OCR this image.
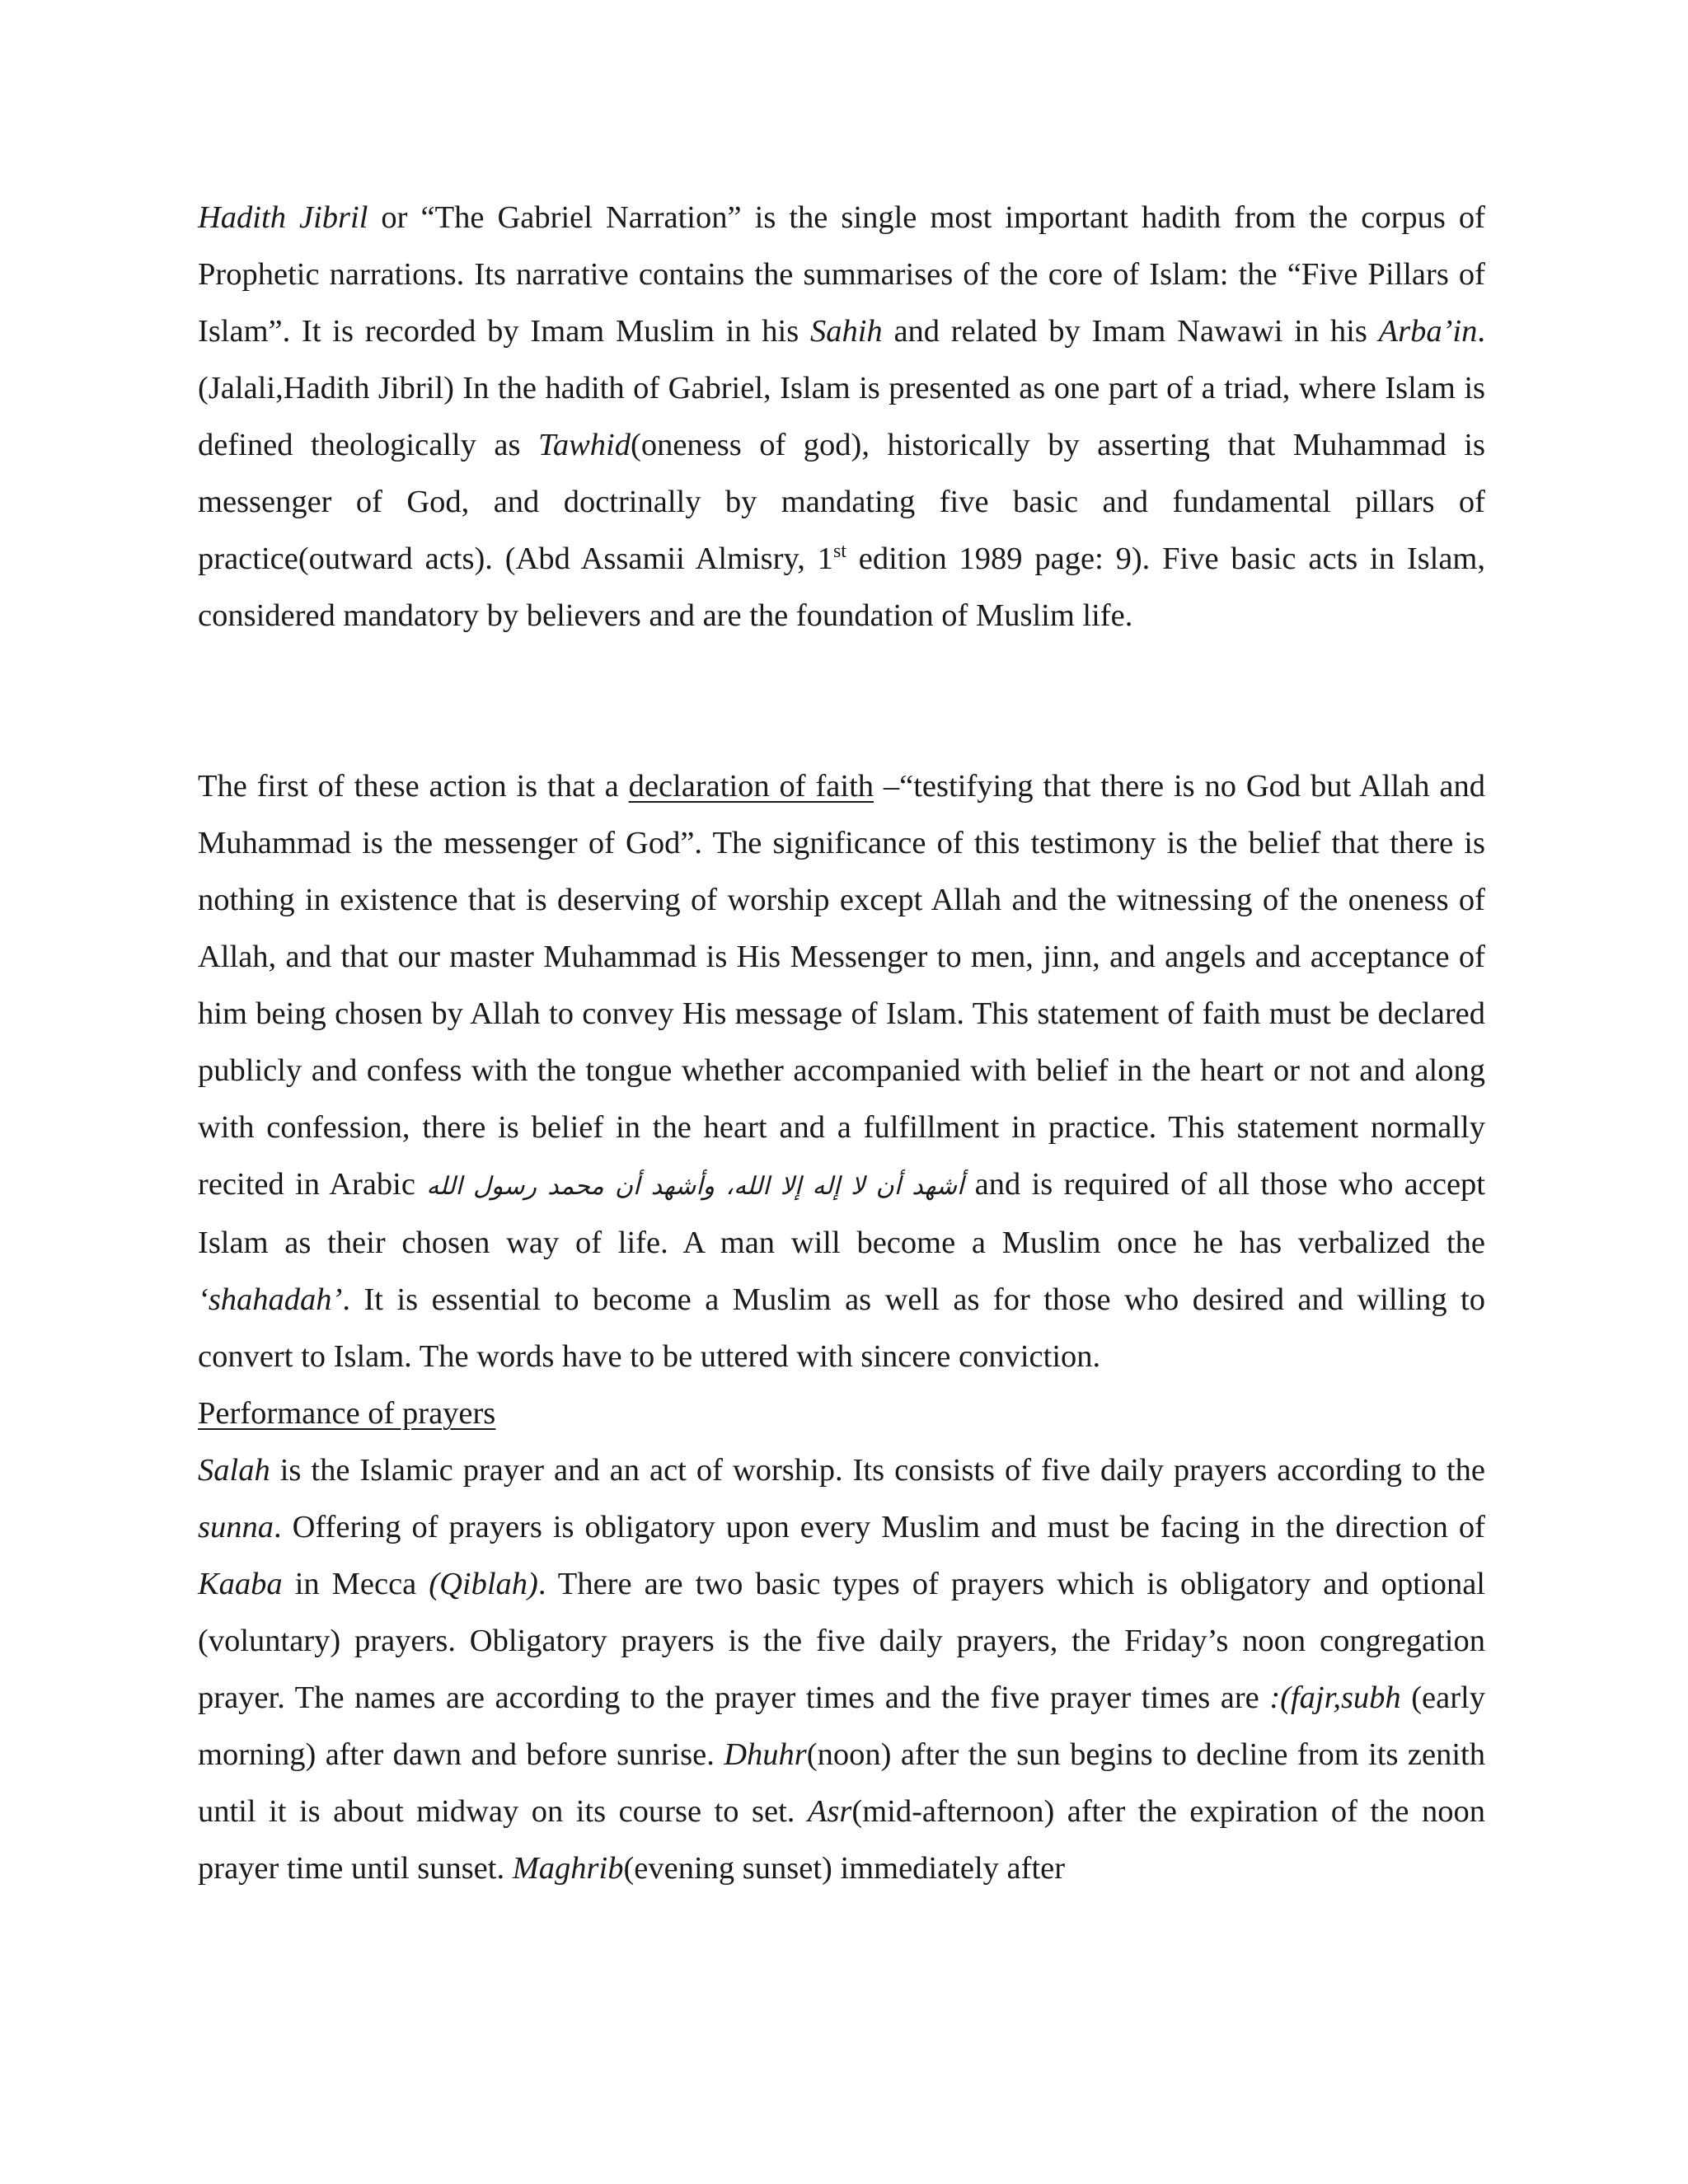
Hadith Jibril or “The Gabriel Narration” is the single most important hadith from the corpus of Prophetic narrations. Its narrative contains the summarises of the core of Islam: the “Five Pillars of Islam”. It is recorded by Imam Muslim in his Sahih and related by Imam Nawawi in his Arba’in. (Jalali,Hadith Jibril) In the hadith of Gabriel, Islam is presented as one part of a triad, where Islam is defined theologically as Tawhid(oneness of god), historically by asserting that Muhammad is messenger of God, and doctrinally by mandating five basic and fundamental pillars of practice(outward acts). (Abd Assamii Almisry, 1st edition 1989 page: 9). Five basic acts in Islam, considered mandatory by believers and are the foundation of Muslim life.

The first of these action is that a declaration of faith –“testifying that there is no God but Allah and Muhammad is the messenger of God”. The significance of this testimony is the belief that there is nothing in existence that is deserving of worship except Allah and the witnessing of the oneness of Allah, and that our master Muhammad is His Messenger to men, jinn, and angels and acceptance of him being chosen by Allah to convey His message of Islam. This statement of faith must be declared publicly and confess with the tongue whether accompanied with belief in the heart or not and along with confession, there is belief in the heart and a fulfillment in practice. This statement normally recited in Arabic أشهد أن لا إله إلا الله، وأشهد أن محمد رسول الله and is required of all those who accept Islam as their chosen way of life. A man will become a Muslim once he has verbalized the ‘shahadah’. It is essential to become a Muslim as well as for those who desired and willing to convert to Islam. The words have to be uttered with sincere conviction.

Performance of prayers

Salah is the Islamic prayer and an act of worship. Its consists of five daily prayers according to the sunna. Offering of prayers is obligatory upon every Muslim and must be facing in the direction of Kaaba in Mecca (Qiblah). There are two basic types of prayers which is obligatory and optional (voluntary) prayers. Obligatory prayers is the five daily prayers, the Friday’s noon congregation prayer. The names are according to the prayer times and the five prayer times are :(fajr,subh (early morning) after dawn and before sunrise. Dhuhr(noon) after the sun begins to decline from its zenith until it is about midway on its course to set. Asr(mid-afternoon) after the expiration of the noon prayer time until sunset. Maghrib(evening sunset) immediately after
